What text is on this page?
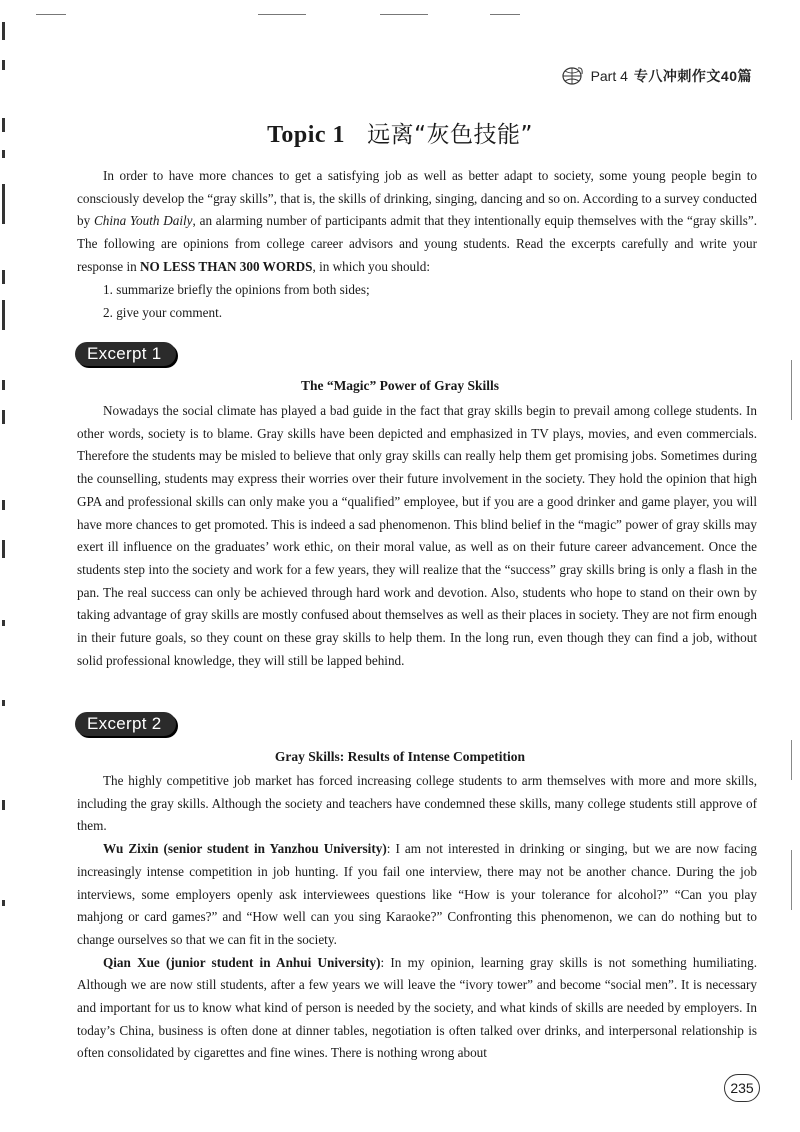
Part 4 专八冲刺作文40篇
Topic 1 远离“灰色技能”

In order to have more chances to get a satisfying job as well as better adapt to society, some young people begin to consciously develop the “gray skills”, that is, the skills of drinking, singing, dancing and so on. According to a survey conducted by China Youth Daily, an alarming number of participants admit that they intentionally equip themselves with the “gray skills”. The following are opinions from college career advisors and young students. Read the excerpts carefully and write your response in NO LESS THAN 300 WORDS, in which you should:

1. summarize briefly the opinions from both sides;
2. give your comment.
Excerpt 1
The “Magic” Power of Gray Skills

Nowadays the social climate has played a bad guide in the fact that gray skills begin to prevail among college students. In other words, society is to blame. Gray skills have been depicted and emphasized in TV plays, movies, and even commercials. Therefore the students may be misled to believe that only gray skills can really help them get promising jobs. Sometimes during the counselling, students may express their worries over their future involvement in the society. They hold the opinion that high GPA and professional skills can only make you a “qualified” employee, but if you are a good drinker and game player, you will have more chances to get promoted. This is indeed a sad phenomenon. This blind belief in the “magic” power of gray skills may exert ill influence on the graduates’ work ethic, on their moral value, as well as on their future career advancement. Once the students step into the society and work for a few years, they will realize that the “success” gray skills bring is only a flash in the pan. The real success can only be achieved through hard work and devotion. Also, students who hope to stand on their own by taking advantage of gray skills are mostly confused about themselves as well as their places in society. They are not firm enough in their future goals, so they count on these gray skills to help them. In the long run, even though they can find a job, without solid professional knowledge, they will still be lapped behind.

Excerpt 2
Gray Skills: Results of Intense Competition

The highly competitive job market has forced increasing college students to arm themselves with more and more skills, including the gray skills. Although the society and teachers have condemned these skills, many college students still approve of them.

Wu Zixin (senior student in Yanzhou University): I am not interested in drinking or singing, but we are now facing increasingly intense competition in job hunting. If you fail one interview, there may not be another chance. During the job interviews, some employers openly ask interviewees questions like “How is your tolerance for alcohol?” “Can you play mahjong or card games?” and “How well can you sing Karaoke?” Confronting this phenomenon, we can do nothing but to change ourselves so that we can fit in the society.

Qian Xue (junior student in Anhui University): In my opinion, learning gray skills is not something humiliating. Although we are now still students, after a few years we will leave the “ivory tower” and become “social men”. It is necessary and important for us to know what kind of person is needed by the society, and what kinds of skills are needed by employers. In today’s China, business is often done at dinner tables, negotiation is often talked over drinks, and interpersonal relationship is often consolidated by cigarettes and fine wines. There is nothing wrong about

235
